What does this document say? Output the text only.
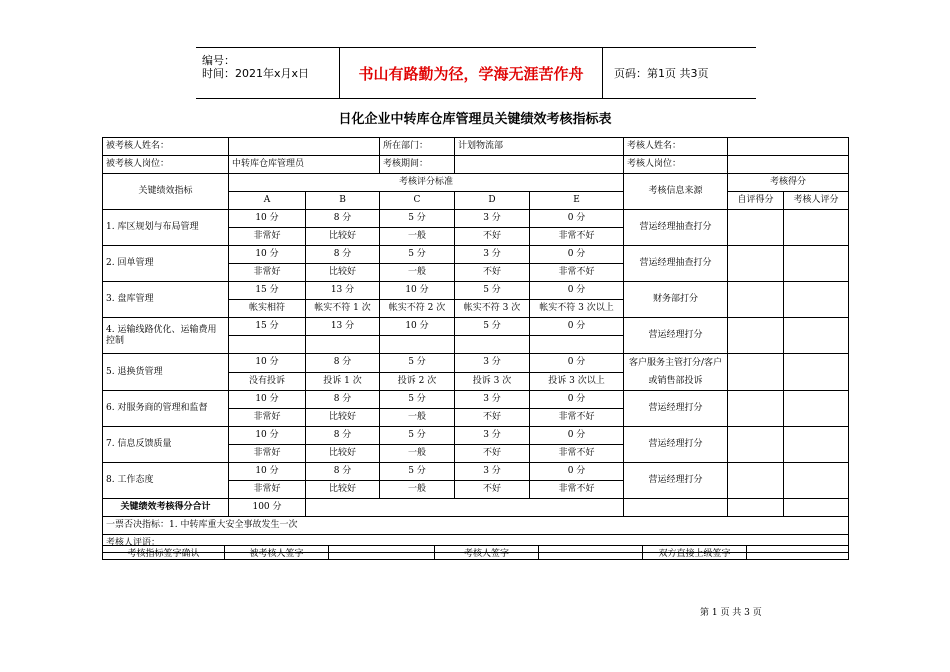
编号：
时间：2021年x月x日	书山有路勤为径，学海无涯苦作舟	页码：第1页 共3页
日化企业中转库仓库管理员关键绩效考核指标表
被考核人姓名：			所在部门：	计划物流部		考核人姓名：		
被考核人岗位：	中转库仓库管理员		考核期间：			考核人岗位：		
关键绩效指标	考核评分标准					考核信息来源	考核得分	
	A	B	C	D	E		自评得分	考核人评分
1. 库区规划与布局管理	10 分	8 分	5 分	3 分	0 分	营运经理抽查打分		
	非常好	比较好	一般	不好	非常不好			
2. 回单管理	10 分	8 分	5 分	3 分	0 分	营运经理抽查打分		
	非常好	比较好	一般	不好	非常不好			
3. 盘库管理	15 分	13 分	10 分	5 分	0 分	财务部打分		
	帐实相符	帐实不符 1 次	帐实不符 2 次	帐实不符 3 次	帐实不符 3 次以上			
4. 运输线路优化、运输费用控制	15 分	13 分	10 分	5 分	0 分	营运经理打分		

5. 退换货管理	10 分	8 分	5 分	3 分	0 分	客户服务主管打分/客户或销售部投诉		
	没有投诉	投诉 1 次	投诉 2 次	投诉 3 次	投诉 3 次以上			
6. 对服务商的管理和监督	10 分	8 分	5 分	3 分	0 分	营运经理打分		
	非常好	比较好	一般	不好	非常不好			
7. 信息反馈质量	10 分	8 分	5 分	3 分	0 分	营运经理打分		
	非常好	比较好	一般	不好	非常不好			
8. 工作态度	10 分	8 分	5 分	3 分	0 分	营运经理打分		
	非常好	比较好	一般	不好	非常不好			
关键绩效考核得分合计	100 分							
一票否决指标：1. 中转库重大安全事故发生一次								
考核人评语：								
考核指标签字确认	被考核人签字		考核人签字		双方直接上级签字	
第 1 页 共 3 页
